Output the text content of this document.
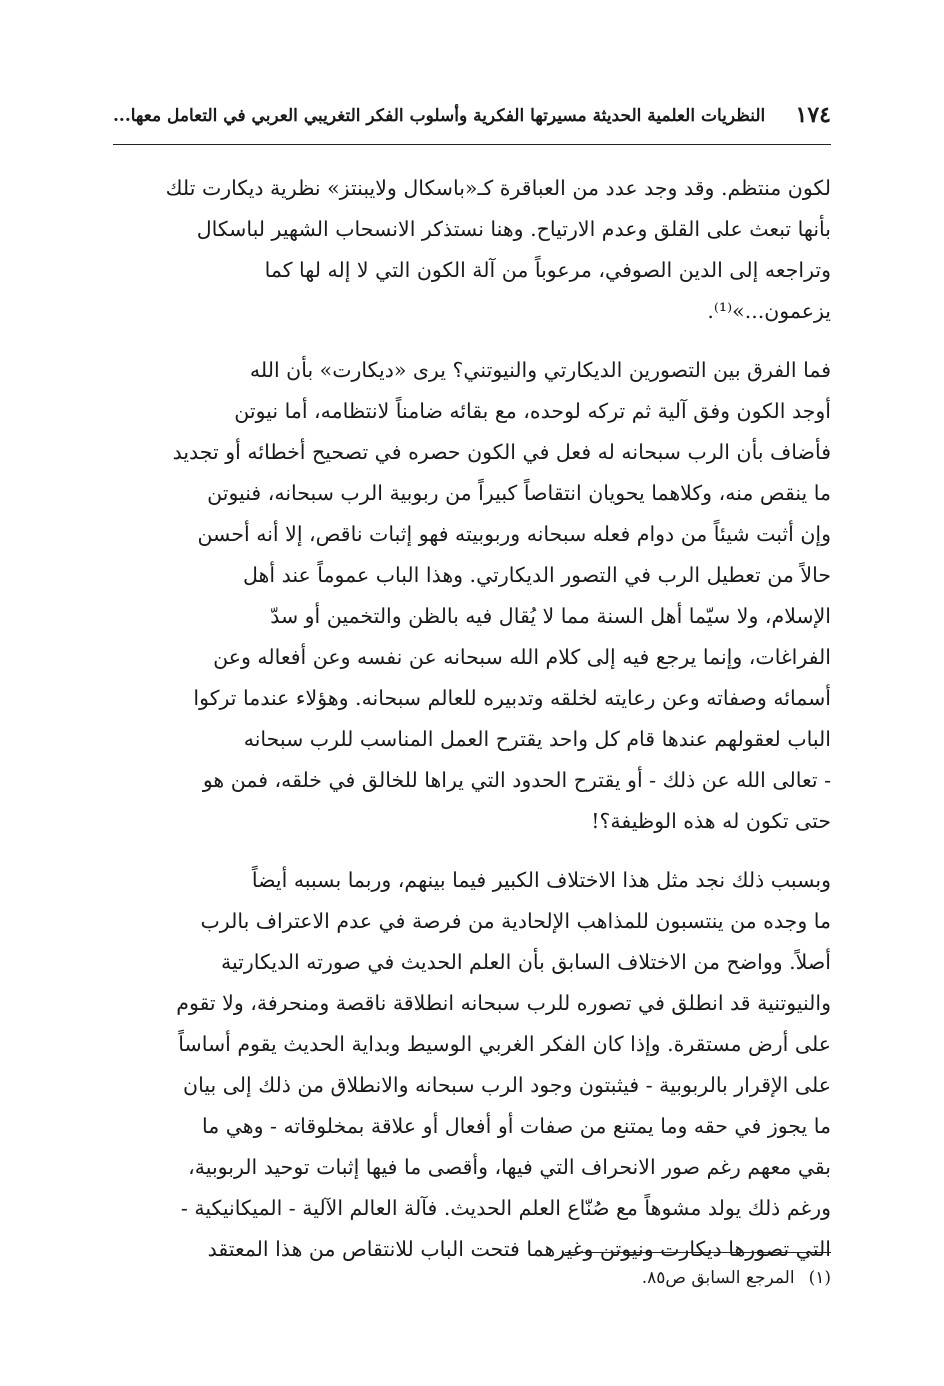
١٧٤
النظريات العلمية الحديثة مسيرتها الفكرية وأسلوب الفكر التغريبي العربي في التعامل معها...
لكون منتظم. وقد وجد عدد من العباقرة كـ«باسكال ولايبنتز» نظرية ديكارت تلك
بأنها تبعث على القلق وعدم الارتياح. وهنا نستذكر الانسحاب الشهير لباسكال
وتراجعه إلى الدين الصوفي، مرعوباً من آلة الكون التي لا إله لها كما
يزعمون...»⁽¹⁾.
فما الفرق بين التصورين الديكارتي والنيوتني؟ يرى «ديكارت» بأن الله
أوجد الكون وفق آلية ثم تركه لوحده، مع بقائه ضامناً لانتظامه، أما نيوتن
فأضاف بأن الرب سبحانه له فعل في الكون حصره في تصحيح أخطائه أو تجديد
ما ينقص منه، وكلاهما يحويان انتقاصاً كبيراً من ربوبية الرب سبحانه، فنيوتن
وإن أثبت شيئاً من دوام فعله سبحانه وربوبيته فهو إثبات ناقص، إلا أنه أحسن
حالاً من تعطيل الرب في التصور الديكارتي. وهذا الباب عموماً عند أهل
الإسلام، ولا سيّما أهل السنة مما لا يُقال فيه بالظن والتخمين أو سدّ
الفراغات، وإنما يرجع فيه إلى كلام الله سبحانه عن نفسه وعن أفعاله وعن
أسمائه وصفاته وعن رعايته لخلقه وتدبيره للعالم سبحانه. وهؤلاء عندما تركوا
الباب لعقولهم عندها قام كل واحد يقترح العمل المناسب للرب سبحانه
- تعالى الله عن ذلك - أو يقترح الحدود التي يراها للخالق في خلقه، فمن هو
حتى تكون له هذه الوظيفة؟!
وبسبب ذلك نجد مثل هذا الاختلاف الكبير فيما بينهم، وربما بسببه أيضاً
ما وجده من ينتسبون للمذاهب الإلحادية من فرصة في عدم الاعتراف بالرب
أصلاً. وواضح من الاختلاف السابق بأن العلم الحديث في صورته الديكارتية
والنيوتنية قد انطلق في تصوره للرب سبحانه انطلاقة ناقصة ومنحرفة، ولا تقوم
على أرض مستقرة. وإذا كان الفكر الغربي الوسيط وبداية الحديث يقوم أساساً
على الإقرار بالربوبية - فيثبتون وجود الرب سبحانه والانطلاق من ذلك إلى بيان
ما يجوز في حقه وما يمتنع من صفات أو أفعال أو علاقة بمخلوقاته - وهي ما
بقي معهم رغم صور الانحراف التي فيها، وأقصى ما فيها إثبات توحيد الربوبية،
ورغم ذلك يولد مشوهاً مع صُنّاع العلم الحديث. فآلة العالم الآلية - الميكانيكية -
التي تصورها ديكارت ونيوتن وغيرهما فتحت الباب للانتقاص من هذا المعتقد
(١)المرجع السابق ص٨٥.
